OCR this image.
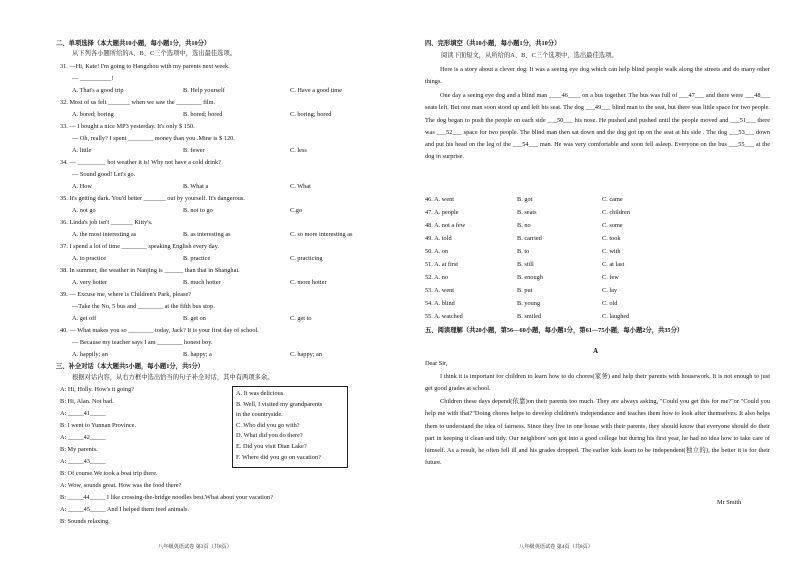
二、单项选择（本大题共10小题，每小题1分，共10分）
从下列各小题所给的A、B、C三个选项中，选出最佳选项。
31. —Hi, Kate! I'm going to Hangzhou with my parents next week.
— __________!
A. That's a good trip	B. Help yourself	C. Have a good time
32. Most of us felt _______ when we saw the ________ film.
A. bored; boring	B. bored; bored	C. boring; bored
33. — I bought a nice MP3 yesterday. It's only $ 150.
— Oh, really? I spent ________ money than you .Mine is $ 120.
A. little	B. fewer	C. less
34. — _________ hot weather it is! Why not have a cold drink?
— Sound good! Let's go.
A. How	B. What a	C. What
35. It's getting dark. You'd better _______ out by yourself. It's dangerous.
A. not go	B. not to go	C.go
36. Linda's job isn't _______ Kitty's.
A. the most interesting as	B. as interesting as	C. so more interesting as
37. I spend a lot of time ________ speaking English every day.
A. to practice	B. practice	C. practicing
38. In summer, the weather in Nanjing is ______ than that in Shanghai.
A. very hotter	B. much hotter	C. more hotter
39. — Excuse me, where is Children's Park, please?
—Take the No, 5 bus and ________ at the fifth bus stop.
A. get off	B. get on	C. get to
40. — What makes you so ________ today, Jack? It is your first day of school.
— Because my teacher says I am ________ honest boy.
A. happily; an	B. happy; a	C. happy; an
三、补全对话（本大题共5小题，每小题1分，共5分）
根据对话内容，从右方框中选出恰当的句子补全对话，其中有两项多余。
A: Hi, Holly. How's it going?
B: Hi, Alan. Not bad.
A: _____41_____
B: I went to Yunnan Province.
A: _____42_____
B: My parents.
A: _____43_____
B: Of course.We took a boat trip there.
A: Wow, sounds great. How was the food there?
B: _____44_____ I like crossing-the-bridge noodles best.What about your vacation?
A: _____45_____ And I helped them feed animals.
B: Sounds relaxing.
A. It was delicious.
B. Well, I visited my grandparents
in the countryside.
C. Who did you go with?
D. What did you do there?
E. Did you visit Dian Lake?
F. Where did you go on vacation?
八年级英语试卷 第3页（共8页）
四、完形填空（共10小题，每小题1分，共10分）
阅读下面短文，从所给的A、B、C三个选项中，选出最佳选项。
Here is a story about a clever dog. It was a seeing eye dog which can help blind people walk along the streets and do many other things.
One day a seeing eye dog and a blind man ____46____ on a bus together. The bus was full of ___47___ and there were ___48___ seats left. But one man soon stood up and left his seat. The dog ___49___ blind man to the seat, but there was little space for two people. The dog began to push the people on each side ___50___ his nose. He pushed and pushed until the people moved and ___51___ there was ___52___ space for two people. The blind man then sat down and the dog got up on the seat at his side . The dog ___53___ down and put his head on the leg of the ___54___ man. He was very comfortable and soon fell asleep. Everyone on the bus ___55___ at the dog in surprise.
46. A. went	B. got	C. came
47. A. people	B. seats	C. children
48. A. not a few	B. no	C. some
49. A. told	B. carried	C. took
50. A. on	B. to	C. with
51. A. at first	B. still	C. at last
52. A. no	B. enough	C. few
53. A. went	B. put	C. lay
54. A. blind	B. young	C. old
55. A. watched	B. smiled	C. laughed
五、阅读理解（共20小题，第56—60小题，每小题1分，第61—75小题，每小题2分，共35分）
A
Dear Sir,
I think it is important for children to learn how to do chores(家务) and help their parents with housework. It is not enough to just get good grades at school.
Children these days depend(依靠)on their parents too much. They are always asking, "Could you get this for me?"or "Could you help me with that?"Doing chores helps to develop children's independance and teaches them how to look after themselves. It also helps them to understand the idea of fairness. Since they live in one house with their parents, they should know that everyone should do their part in keeping it clean and tidy. Our neighbors' son got into a good college but during his first year, he had no idea how to take care of himself. As a result, he often fell ill and his grades dropped. The earlier kids learn to be independent(独立的), the better it is for their future.
Mr Smith
八年级英语试卷 第4页（共8页）
